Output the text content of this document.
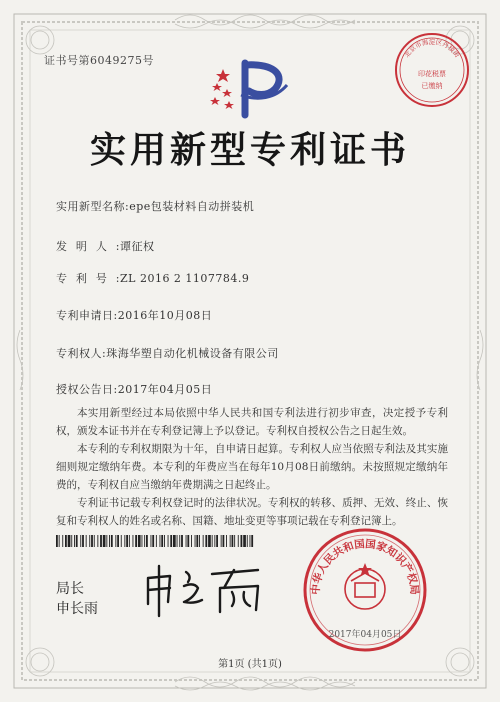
证书号第6049275号	北京市海淀区丹棱街
印花税票
已缴纳
实用新型专利证书
实用新型名称:epe包装材料自动拼装机
发明人:谭征权
专利号:ZL 2016 2 1107784.9
专利申请日:2016年10月08日
专利权人:珠海华塑自动化机械设备有限公司
授权公告日:2017年04月05日

本实用新型经过本局依照中华人民共和国专利法进行初步审查，决定授予专利权，颁发本证书并在专利登记簿上予以登记。专利权自授权公告之日起生效。

本专利的专利权期限为十年，自申请日起算。专利权人应当依照专利法及其实施细则规定缴纳年费。本专利的年费应当在每年10月08日前缴纳。未按照规定缴纳年费的，专利权自应当缴纳年费期满之日起终止。

专利证书记载专利权登记时的法律状况。专利权的转移、质押、无效、终止、恢复和专利权人的姓名或名称、国籍、地址变更等事项记载在专利登记簿上。

局长
申长雨
中华人民共和国国家知识产权局
2017年04月05日
第1页 (共1页)
